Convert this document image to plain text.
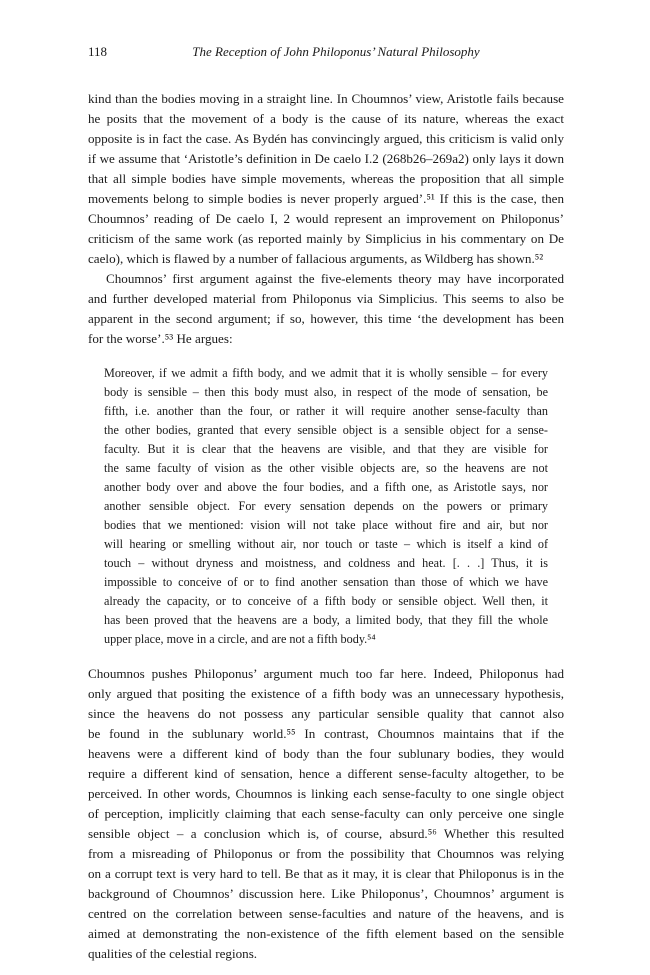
118	The Reception of John Philoponus’ Natural Philosophy
kind than the bodies moving in a straight line. In Choumnos’ view, Aristotle fails because
he posits that the movement of a body is the cause of its nature, whereas the exact
opposite is in fact the case. As Bydén has convincingly argued, this criticism is valid only
if we assume that ‘Aristotle’s definition in De caelo I.2 (268b26–269a2) only lays it down
that all simple bodies have simple movements, whereas the proposition that all simple
movements belong to simple bodies is never properly argued’.⁵¹ If this is the case, then
Choumnos’ reading of De caelo I, 2 would represent an improvement on Philoponus’
criticism of the same work (as reported mainly by Simplicius in his commentary on De
caelo), which is flawed by a number of fallacious arguments, as Wildberg has shown.⁵²
Choumnos’ first argument against the five-elements theory may have incorporated
and further developed material from Philoponus via Simplicius. This seems to also be
apparent in the second argument; if so, however, this time ‘the development has been
for the worse’.⁵³ He argues:
Moreover, if we admit a fifth body, and we admit that it is wholly sensible – for every
body is sensible – then this body must also, in respect of the mode of sensation, be
fifth, i.e. another than the four, or rather it will require another sense-faculty than
the other bodies, granted that every sensible object is a sensible object for a sense-
faculty. But it is clear that the heavens are visible, and that they are visible for
the same faculty of vision as the other visible objects are, so the heavens are not
another body over and above the four bodies, and a fifth one, as Aristotle says, nor
another sensible object. For every sensation depends on the powers or primary
bodies that we mentioned: vision will not take place without fire and air, but nor
will hearing or smelling without air, nor touch or taste – which is itself a kind of
touch – without dryness and moistness, and coldness and heat. [. . .] Thus, it is
impossible to conceive of or to find another sensation than those of which we have
already the capacity, or to conceive of a fifth body or sensible object. Well then, it
has been proved that the heavens are a body, a limited body, that they fill the whole
upper place, move in a circle, and are not a fifth body.⁵⁴
Choumnos pushes Philoponus’ argument much too far here. Indeed, Philoponus had
only argued that positing the existence of a fifth body was an unnecessary hypothesis,
since the heavens do not possess any particular sensible quality that cannot also
be found in the sublunary world.⁵⁵ In contrast, Choumnos maintains that if the
heavens were a different kind of body than the four sublunary bodies, they would
require a different kind of sensation, hence a different sense-faculty altogether, to be
perceived. In other words, Choumnos is linking each sense-faculty to one single object
of perception, implicitly claiming that each sense-faculty can only perceive one single
sensible object – a conclusion which is, of course, absurd.⁵⁶ Whether this resulted
from a misreading of Philoponus or from the possibility that Choumnos was relying
on a corrupt text is very hard to tell. Be that as it may, it is clear that Philoponus is in the
background of Choumnos’ discussion here. Like Philoponus’, Choumnos’ argument is
centred on the correlation between sense-faculties and nature of the heavens, and is
aimed at demonstrating the non-existence of the fifth element based on the sensible
qualities of the celestial regions.
